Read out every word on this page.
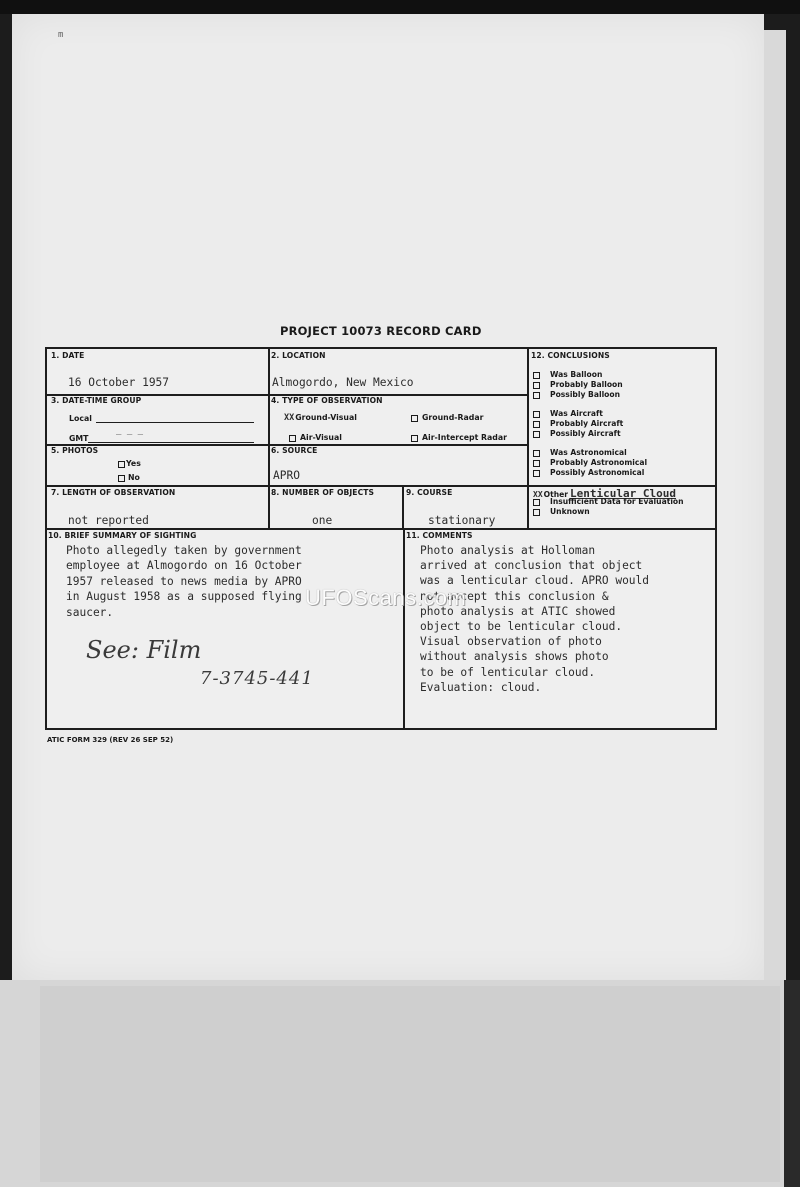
m
PROJECT 10073 RECORD CARD
1. DATE
16 October 1957
2. LOCATION
Almogordo, New Mexico
3. DATE-TIME GROUP
Local
GMT
_ _ _
4. TYPE OF OBSERVATION
XXGround-Visual	Ground-Radar
Air-Visual	Air-Intercept Radar
5. PHOTOS
Yes
No
6. SOURCE
APRO
7. LENGTH OF OBSERVATION
not reported
8. NUMBER OF OBJECTS
one
9. COURSE
stationary
12. CONCLUSIONS
Was Balloon
Probably Balloon
Possibly Balloon
Was Aircraft
Probably Aircraft
Possibly Aircraft
Was Astronomical
Probably Astronomical
Possibly Astronomical
XXOther Lenticular Cloud
Insufficient Data for Evaluation
Unknown
10. BRIEF SUMMARY OF SIGHTING
Photo allegedly taken by government
employee at Almogordo on 16 October
1957 released to news media by APRO
in August 1958 as a supposed flying
saucer.
11. COMMENTS
Photo analysis at Holloman
arrived at conclusion that object
was a lenticular cloud. APRO would
not accept this conclusion &
photo analysis at ATIC showed
object to be lenticular cloud.
Visual observation of photo
without analysis shows photo
to be of lenticular cloud.
Evaluation: cloud.
See: Film
7-3745-441
UFOScans.com
ATIC FORM 329 (REV 26 SEP 52)
